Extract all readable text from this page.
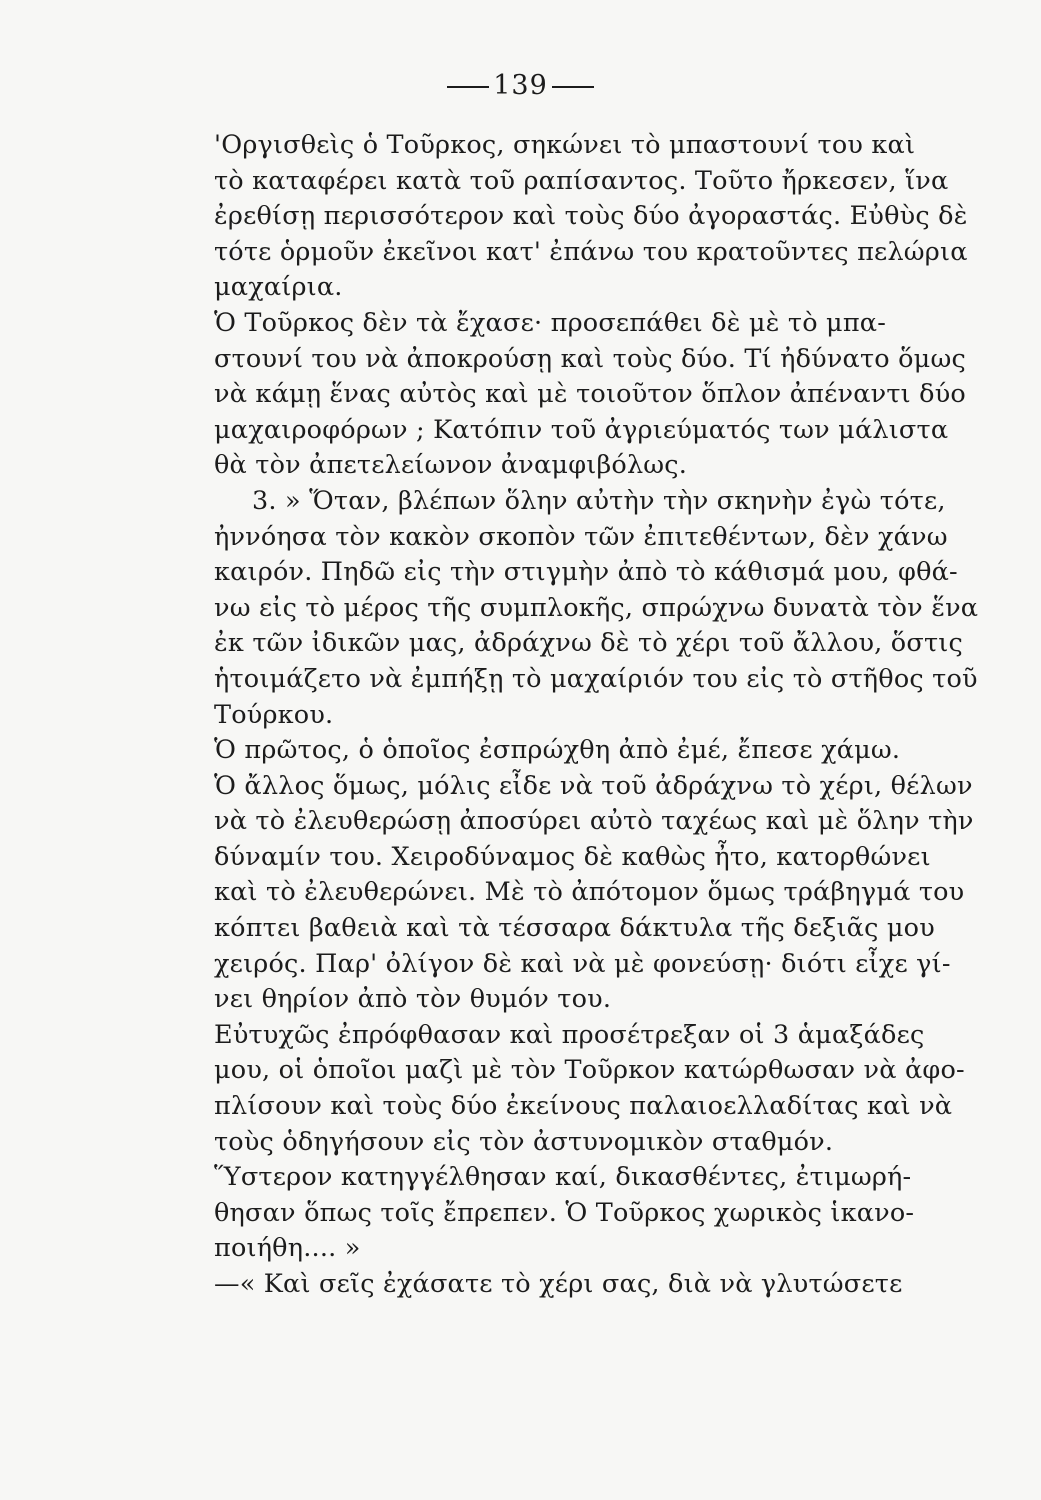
139
'Οργισθεὶς ὁ Τοῦρκος, σηκώνει τὸ μπαστουνί του καὶ
τὸ καταφέρει κατὰ τοῦ ραπίσαντος. Τοῦτο ἤρκεσεν, ἵνα
ἐρεθίσῃ περισσότερον καὶ τοὺς δύο ἀγοραστάς. Εὐθὺς δὲ
τότε ὁρμοῦν ἐκεῖνοι κατ' ἐπάνω του κρατοῦντες πελώρια
μαχαίρια.
Ὁ Τοῦρκος δὲν τὰ ἔχασε· προσεπάθει δὲ μὲ τὸ μπα-
στουνί του νὰ ἀποκρούσῃ καὶ τοὺς δύο. Τί ἠδύνατο ὅμως
νὰ κάμῃ ἕνας αὐτὸς καὶ μὲ τοιοῦτον ὅπλον ἀπέναντι δύο
μαχαιροφόρων ; Κατόπιν τοῦ ἀγριεύματός των μάλιστα
θὰ τὸν ἀπετελείωνον ἀναμφιβόλως.
3. » Ὅταν, βλέπων ὅλην αὐτὴν τὴν σκηνὴν ἐγὼ τότε,
ἠννόησα τὸν κακὸν σκοπὸν τῶν ἐπιτεθέντων, δὲν χάνω
καιρόν. Πηδῶ εἰς τὴν στιγμὴν ἀπὸ τὸ κάθισμά μου, φθά-
νω εἰς τὸ μέρος τῆς συμπλοκῆς, σπρώχνω δυνατὰ τὸν ἕνα
ἐκ τῶν ἰδικῶν μας, ἀδράχνω δὲ τὸ χέρι τοῦ ἄλλου, ὅστις
ἡτοιμάζετο νὰ ἐμπήξῃ τὸ μαχαίριόν του εἰς τὸ στῆθος τοῦ
Τούρκου.
Ὁ πρῶτος, ὁ ὁποῖος ἐσπρώχθη ἀπὸ ἐμέ, ἔπεσε χάμω.
Ὁ ἄλλος ὅμως, μόλις εἶδε νὰ τοῦ ἀδράχνω τὸ χέρι, θέλων
νὰ τὸ ἐλευθερώσῃ ἀποσύρει αὐτὸ ταχέως καὶ μὲ ὅλην τὴν
δύναμίν του. Χειροδύναμος δὲ καθὼς ἦτο, κατορθώνει
καὶ τὸ ἐλευθερώνει. Μὲ τὸ ἀπότομον ὅμως τράβηγμά του
κόπτει βαθειὰ καὶ τὰ τέσσαρα δάκτυλα τῆς δεξιᾶς μου
χειρός. Παρ' ὀλίγον δὲ καὶ νὰ μὲ φονεύσῃ· διότι εἶχε γί-
νει θηρίον ἀπὸ τὸν θυμόν του.
Εὐτυχῶς ἐπρόφθασαν καὶ προσέτρεξαν οἱ 3 ἁμαξάδες
μου, οἱ ὁποῖοι μαζὶ μὲ τὸν Τοῦρκον κατώρθωσαν νὰ ἀφο-
πλίσουν καὶ τοὺς δύο ἐκείνους παλαιοελλαδίτας καὶ νὰ
τοὺς ὁδηγήσουν εἰς τὸν ἀστυνομικὸν σταθμόν.
Ὕστερον κατηγγέλθησαν καί, δικασθέντες, ἐτιμωρή-
θησαν ὅπως τοῖς ἔπρεπεν. Ὁ Τοῦρκος χωρικὸς ἱκανο-
ποιήθη.... »
—« Καὶ σεῖς ἐχάσατε τὸ χέρι σας, διὰ νὰ γλυτώσετε
